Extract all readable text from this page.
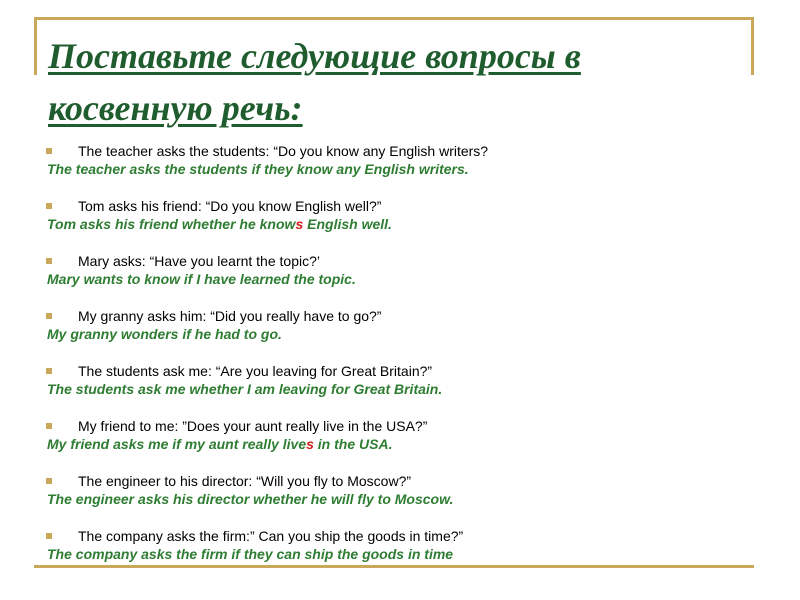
Поставьте следующие вопросы в косвенную речь:
The teacher asks the students: “Do you know any English writers?
The teacher asks the students if they know any English writers.
Tom asks his friend: “Do you know English well?”
Tom asks his friend whether he knows English well.
Mary asks: “Have you learnt the topic?’
Mary wants to know if I have learned the topic.
My granny asks him: “Did you really have to go?”
My granny wonders if he had to go.
The students ask me: “Are you leaving for Great Britain?”
The students ask me whether I am leaving for Great Britain.
My friend to me: ”Does your aunt really live in the USA?”
My friend asks me if my aunt really lives in the USA.
The engineer to his director: “Will you fly to Moscow?”
The engineer asks his director whether he will fly to Moscow.
The company asks the firm:” Can you ship the goods in time?”
The company asks the firm if they can ship the goods in time
